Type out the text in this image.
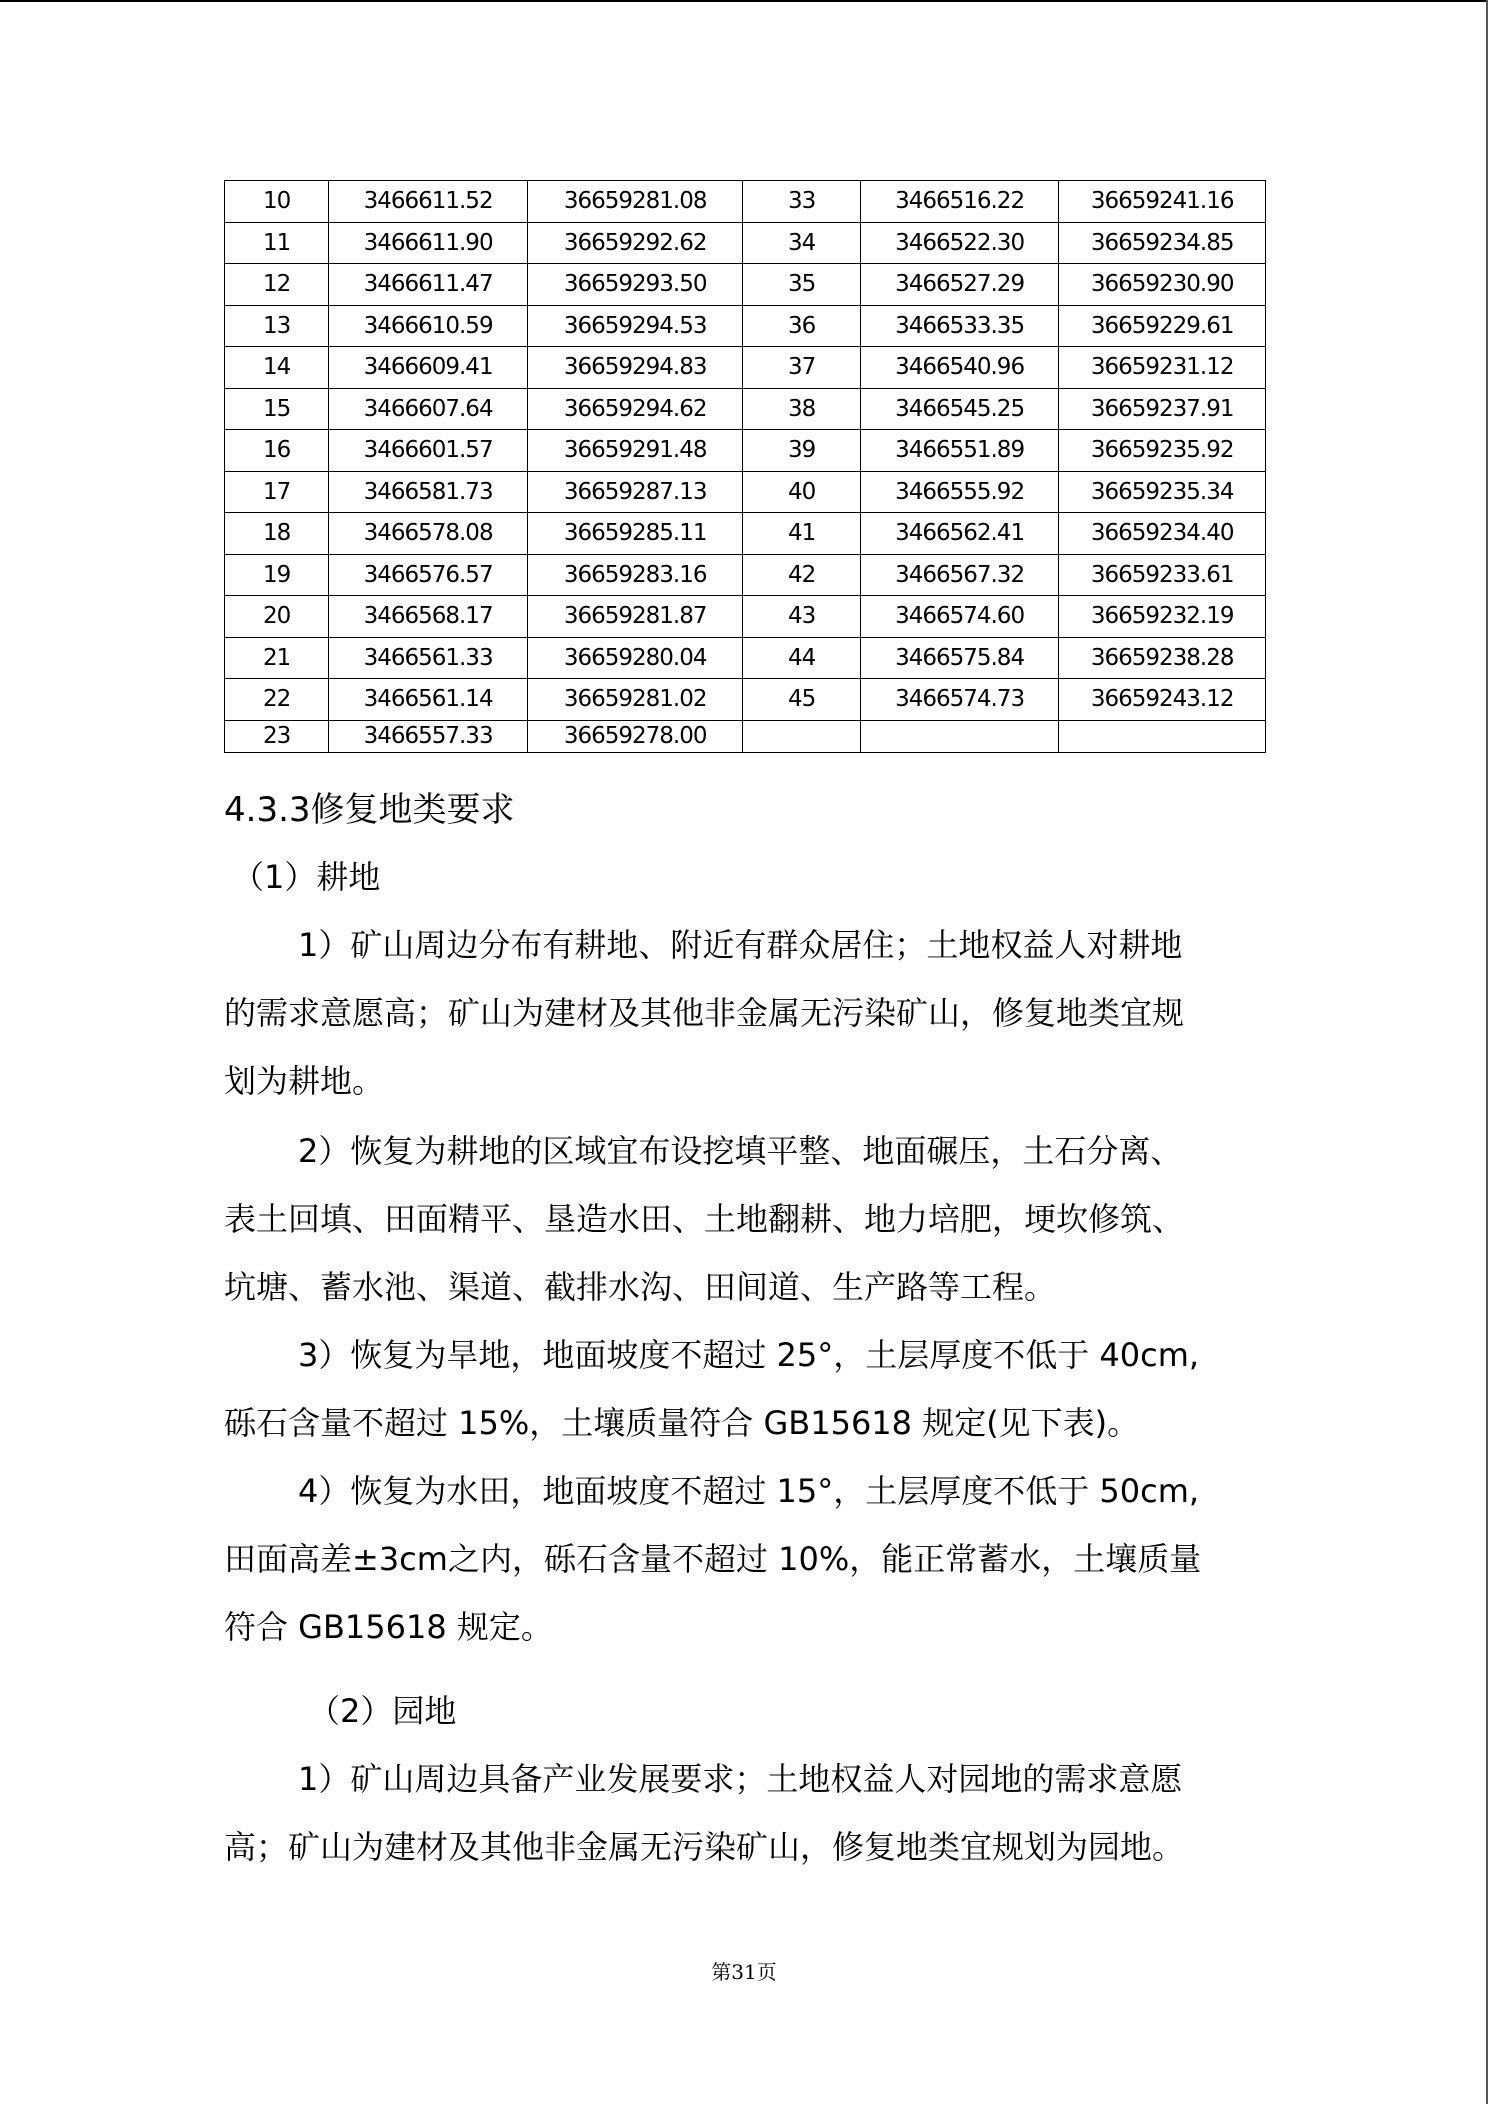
10	3466611.52	36659281.08	33	3466516.22	36659241.16
11	3466611.90	36659292.62	34	3466522.30	36659234.85
12	3466611.47	36659293.50	35	3466527.29	36659230.90
13	3466610.59	36659294.53	36	3466533.35	36659229.61
14	3466609.41	36659294.83	37	3466540.96	36659231.12
15	3466607.64	36659294.62	38	3466545.25	36659237.91
16	3466601.57	36659291.48	39	3466551.89	36659235.92
17	3466581.73	36659287.13	40	3466555.92	36659235.34
18	3466578.08	36659285.11	41	3466562.41	36659234.40
19	3466576.57	36659283.16	42	3466567.32	36659233.61
20	3466568.17	36659281.87	43	3466574.60	36659232.19
21	3466561.33	36659280.04	44	3466575.84	36659238.28
22	3466561.14	36659281.02	45	3466574.73	36659243.12
23	3466557.33	36659278.00			
4.3.3修复地类要求
（1）耕地
1）矿山周边分布有耕地、附近有群众居住；土地权益人对耕地
的需求意愿高；矿山为建材及其他非金属无污染矿山，修复地类宜规
划为耕地。
2）恢复为耕地的区域宜布设挖填平整、地面碾压，土石分离、
表土回填、田面精平、垦造水田、土地翻耕、地力培肥，埂坎修筑、
坑塘、蓄水池、渠道、截排水沟、田间道、生产路等工程。
3）恢复为旱地，地面坡度不超过 25°，土层厚度不低于 40cm,
砾石含量不超过 15%，土壤质量符合 GB15618 规定(见下表)。
4）恢复为水田，地面坡度不超过 15°，土层厚度不低于 50cm,
田面高差±3cm之内，砾石含量不超过 10%，能正常蓄水，土壤质量
符合 GB15618 规定。
（2）园地
1）矿山周边具备产业发展要求；土地权益人对园地的需求意愿
高；矿山为建材及其他非金属无污染矿山，修复地类宜规划为园地。
第31页
